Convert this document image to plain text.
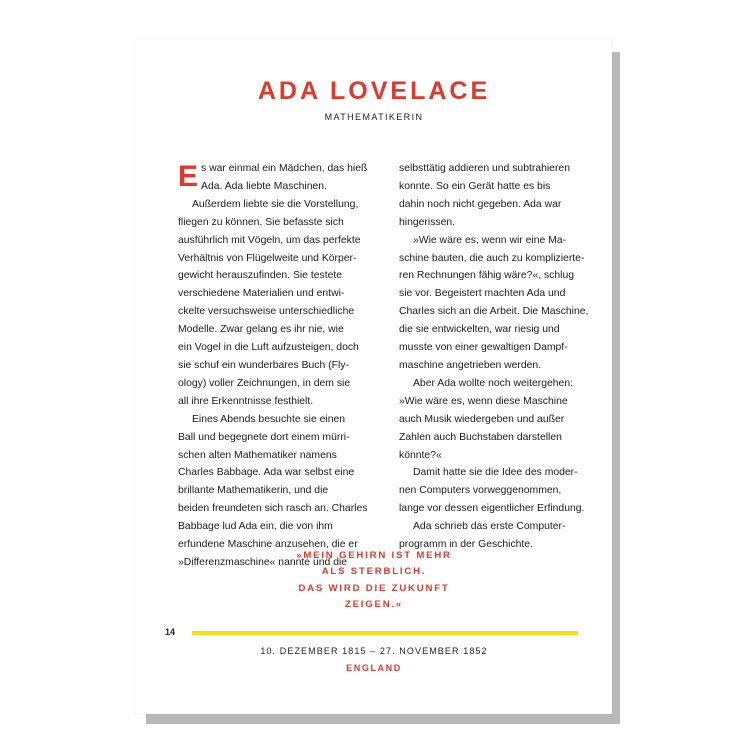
ADA LOVELACE
MATHEMATIKERIN
E s war einmal ein Mädchen, das hieß
Ada. Ada liebte Maschinen.
Außerdem liebte sie die Vorstellung,
fliegen zu können. Sie befasste sich
ausführlich mit Vögeln, um das perfekte
Verhältnis von Flügelweite und Körper-
gewicht herauszufinden. Sie testete
verschiedene Materialien und entwi-
ckelte versuchsweise unterschiedliche
Modelle. Zwar gelang es ihr nie, wie
ein Vogel in die Luft aufzusteigen, doch
sie schuf ein wunderbares Buch (Fly-
ology) voller Zeichnungen, in dem sie
all ihre Erkenntnisse festhielt.
Eines Abends besuchte sie einen
Ball und begegnete dort einem mürri-
schen alten Mathematiker namens
Charles Babbage. Ada war selbst eine
brillante Mathematikerin, und die
beiden freundeten sich rasch an. Charles
Babbage lud Ada ein, die von ihm
erfundene Maschine anzusehen, die er
»Differenzmaschine« nannte und die
selbsttätig addieren und subtrahieren
konnte. So ein Gerät hatte es bis
dahin noch nicht gegeben. Ada war
hingerissen.
»Wie wäre es, wenn wir eine Ma-
schine bauten, die auch zu komplizierte-
ren Rechnungen fähig wäre?«, schlug
sie vor. Begeistert machten Ada und
Charles sich an die Arbeit. Die Maschine,
die sie entwickelten, war riesig und
musste von einer gewaltigen Dampf-
maschine angetrieben werden.
Aber Ada wollte noch weitergehen:
»Wie wäre es, wenn diese Maschine
auch Musik wiedergeben und außer
Zahlen auch Buchstaben darstellen
könnte?«
Damit hatte sie die Idee des moder-
nen Computers vorweggenommen,
lange vor dessen eigentlicher Erfindung.
Ada schrieb das erste Computer-
programm in der Geschichte.
»MEIN GEHIRN IST MEHR
ALS STERBLICH.
DAS WIRD DIE ZUKUNFT
ZEIGEN.«
14
10. DEZEMBER 1815 – 27. NOVEMBER 1852
ENGLAND
